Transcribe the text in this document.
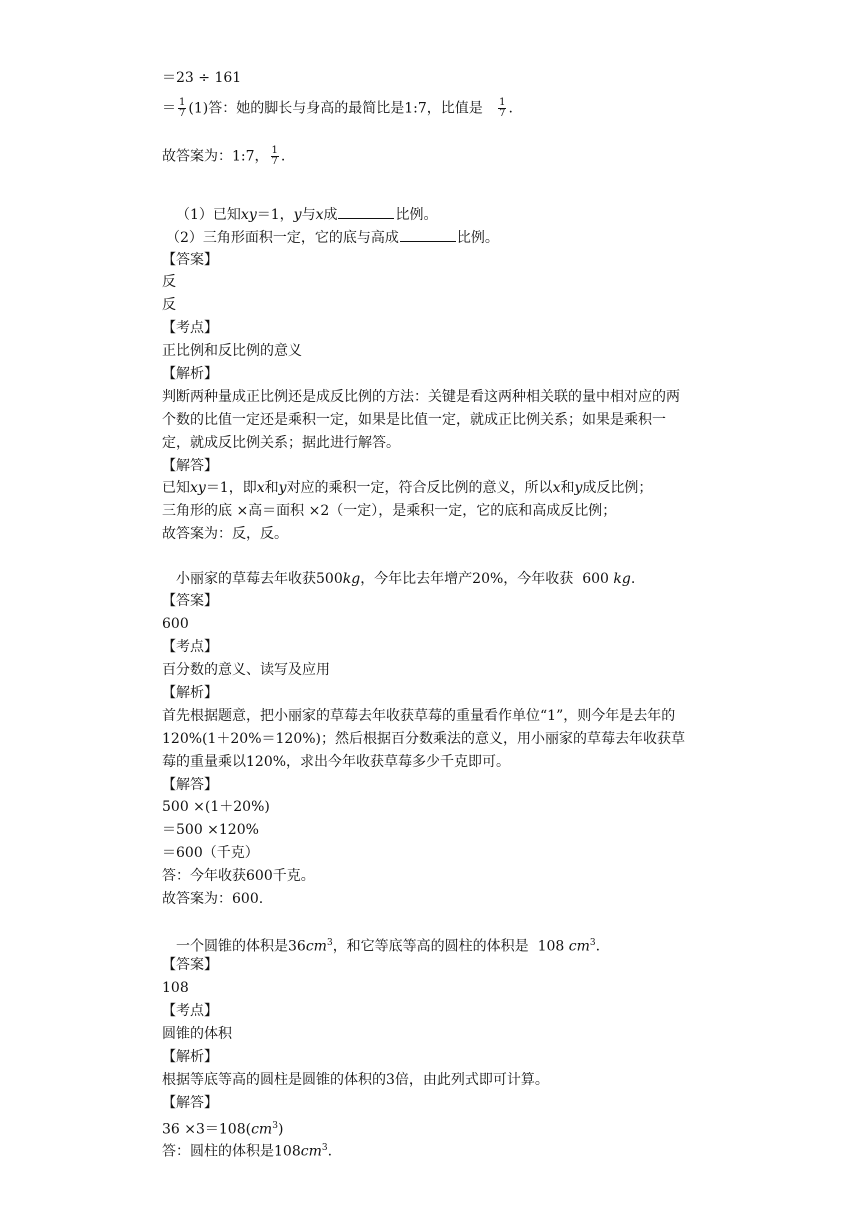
＝23 ÷ 161
＝ $\frac{1}{7} (1)$答：她的脚长与身高的最简比是1:7，比值是 $\frac{1}{7}$ .
故答案为：1:7， $\frac{1}{7}$ .
（1）已知xy＝1，y与x成	比例。
（2）三角形面积一定，它的底与高成	比例。
【答案】
反
反
【考点】
正比例和反比例的意义
【解析】
判断两种量成正比例还是成反比例的方法：关键是看这两种相关联的量中相对应的两
个数的比值一定还是乘积一定，如果是比值一定，就成正比例关系；如果是乘积一
定，就成反比例关系；据此进行解答。
【解答】
已知xy＝1，即x和y对应的乘积一定，符合反比例的意义，所以x和y成反比例；
三角形的底 ×高＝面积 ×2（一定），是乘积一定，它的底和高成反比例；
故答案为：反，反。
小丽家的草莓去年收获500kg，今年比去年增产20%，今年收获 600 kg.
【答案】
600
【考点】
百分数的意义、读写及应用
【解析】
首先根据题意，把小丽家的草莓去年收获草莓的重量看作单位“1”，则今年是去年的
120%(1＋20%＝120%)；然后根据百分数乘法的意义，用小丽家的草莓去年收获草
莓的重量乘以120%，求出今年收获草莓多少千克即可。
【解答】
500 ×(1＋20%)
＝500 ×120%
＝600（千克）
答：今年收获600千克。
故答案为：600.
一个圆锥的体积是$36cm^3$，和它等底等高的圆柱的体积是 108 $cm^3$.
【答案】
108
【考点】
圆锥的体积
【解析】
根据等底等高的圆柱是圆锥的体积的3倍，由此列式即可计算。
【解答】
$36 \times 3=108(cm^3)$
答：圆柱的体积是$108cm^3$.
